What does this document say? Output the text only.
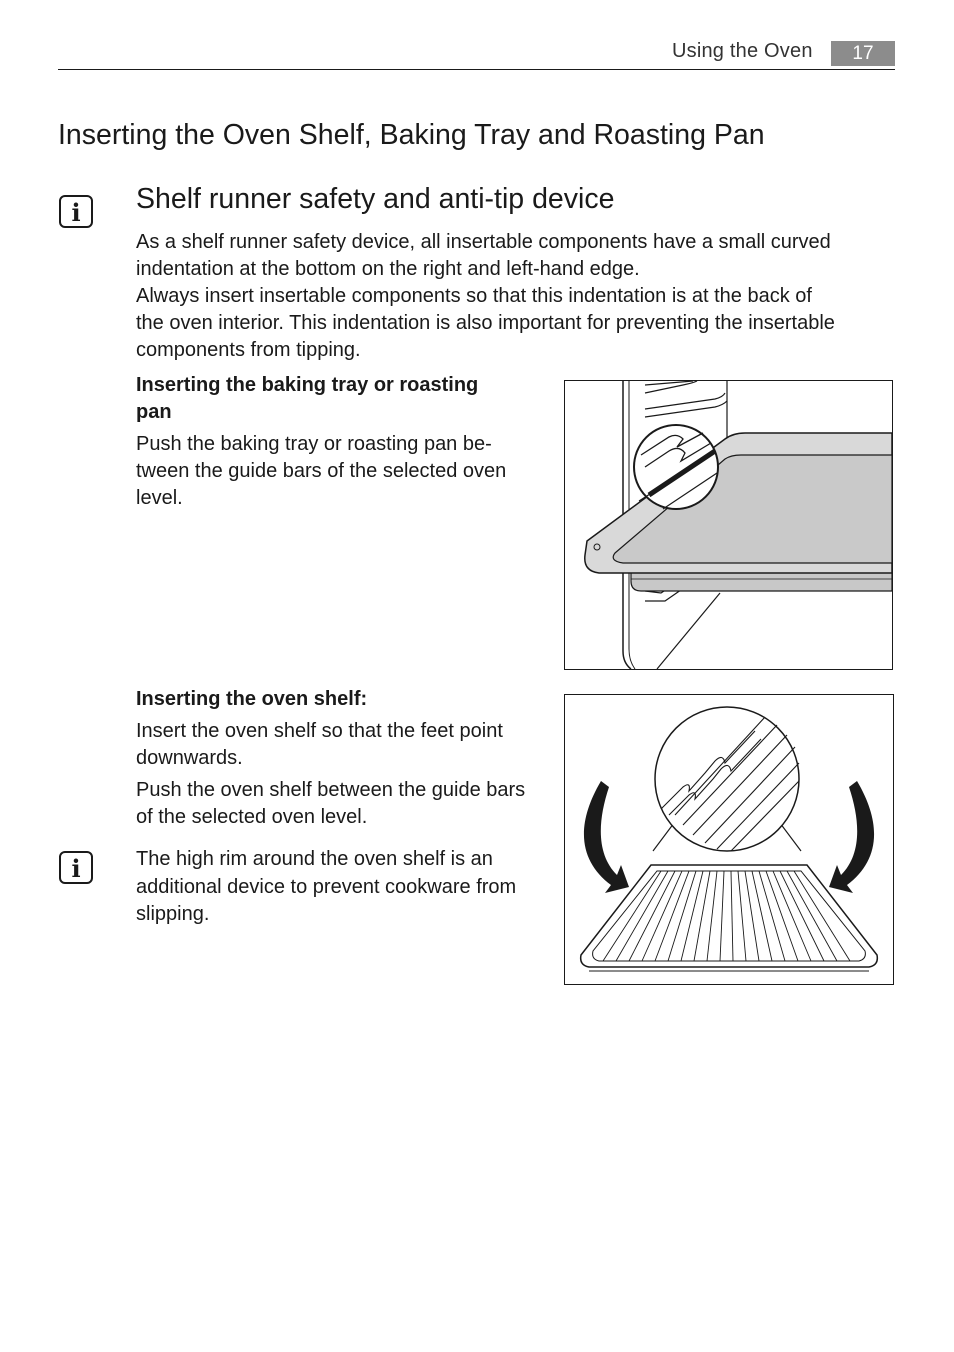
Using the Oven	17
Inserting the Oven Shelf, Baking Tray and Roasting Pan
i Shelf runner safety and anti-tip device

As a shelf runner safety device, all insertable components have a small curved

indentation at the bottom on the right and left-hand edge.

Always insert insertable components so that this indentation is at the back of

the oven interior. This indentation is also important for preventing the insertable

components from tipping.

Inserting the baking tray or roasting

pan

Push the baking tray or roasting pan be-

tween the guide bars of the selected oven

level.

Inserting the oven shelf:

Insert the oven shelf so that the feet point

downwards.

Push the oven shelf between the guide bars

of the selected oven level.

i	The high rim around the oven shelf is an

additional device to prevent cookware from

slipping.
